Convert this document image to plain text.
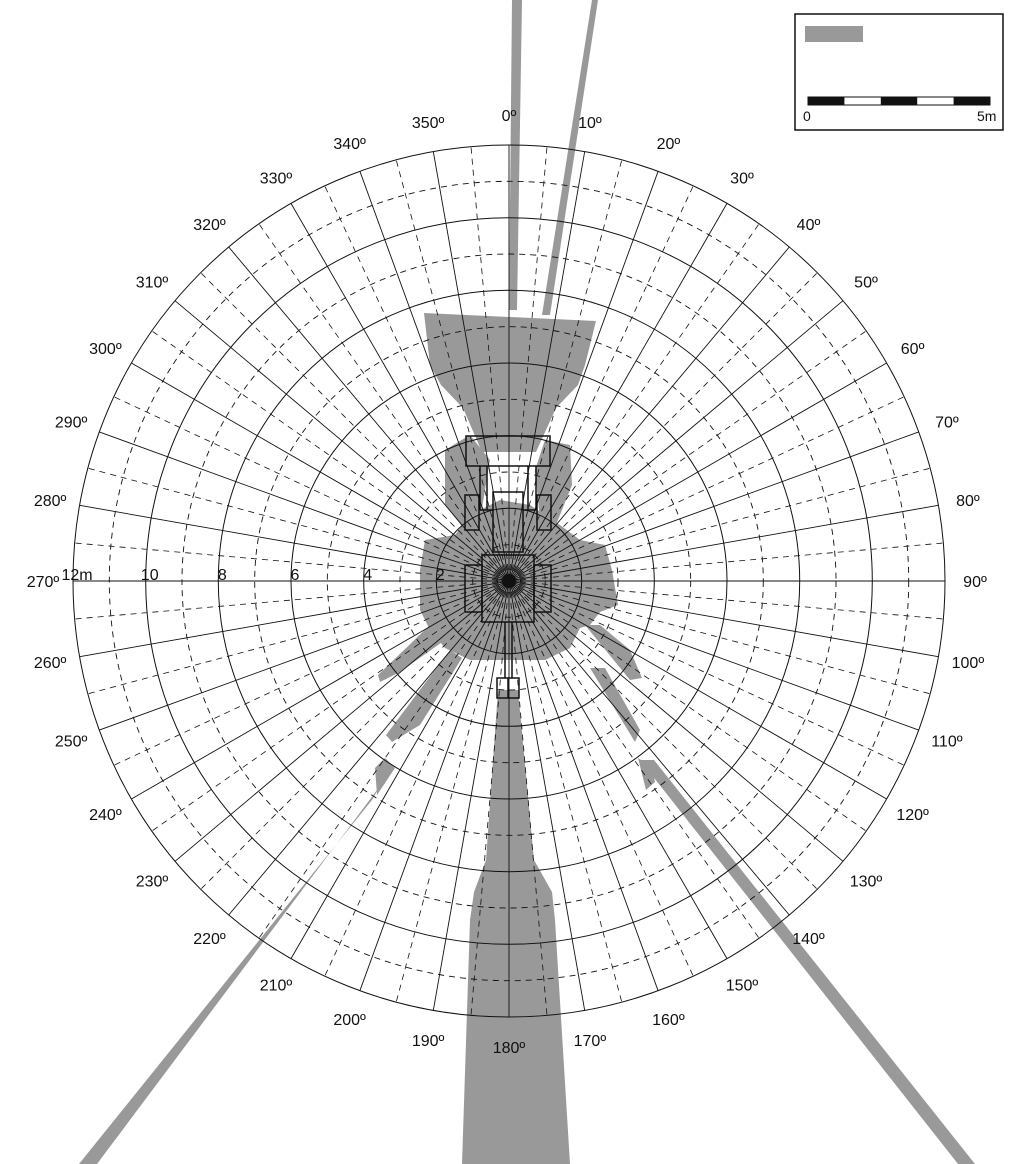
2
4
6
8
10
12m
0º	10º
20º
30º
40º
50º
60º
70º
80º
90º
100º
110º
120º
130º
140º
150º
160º
170º
180º
190º
200º
210º
220º
230º
240º
250º
260º
270º
280º
290º
300º
310º
320º
330º
340º
350º	0	5m
